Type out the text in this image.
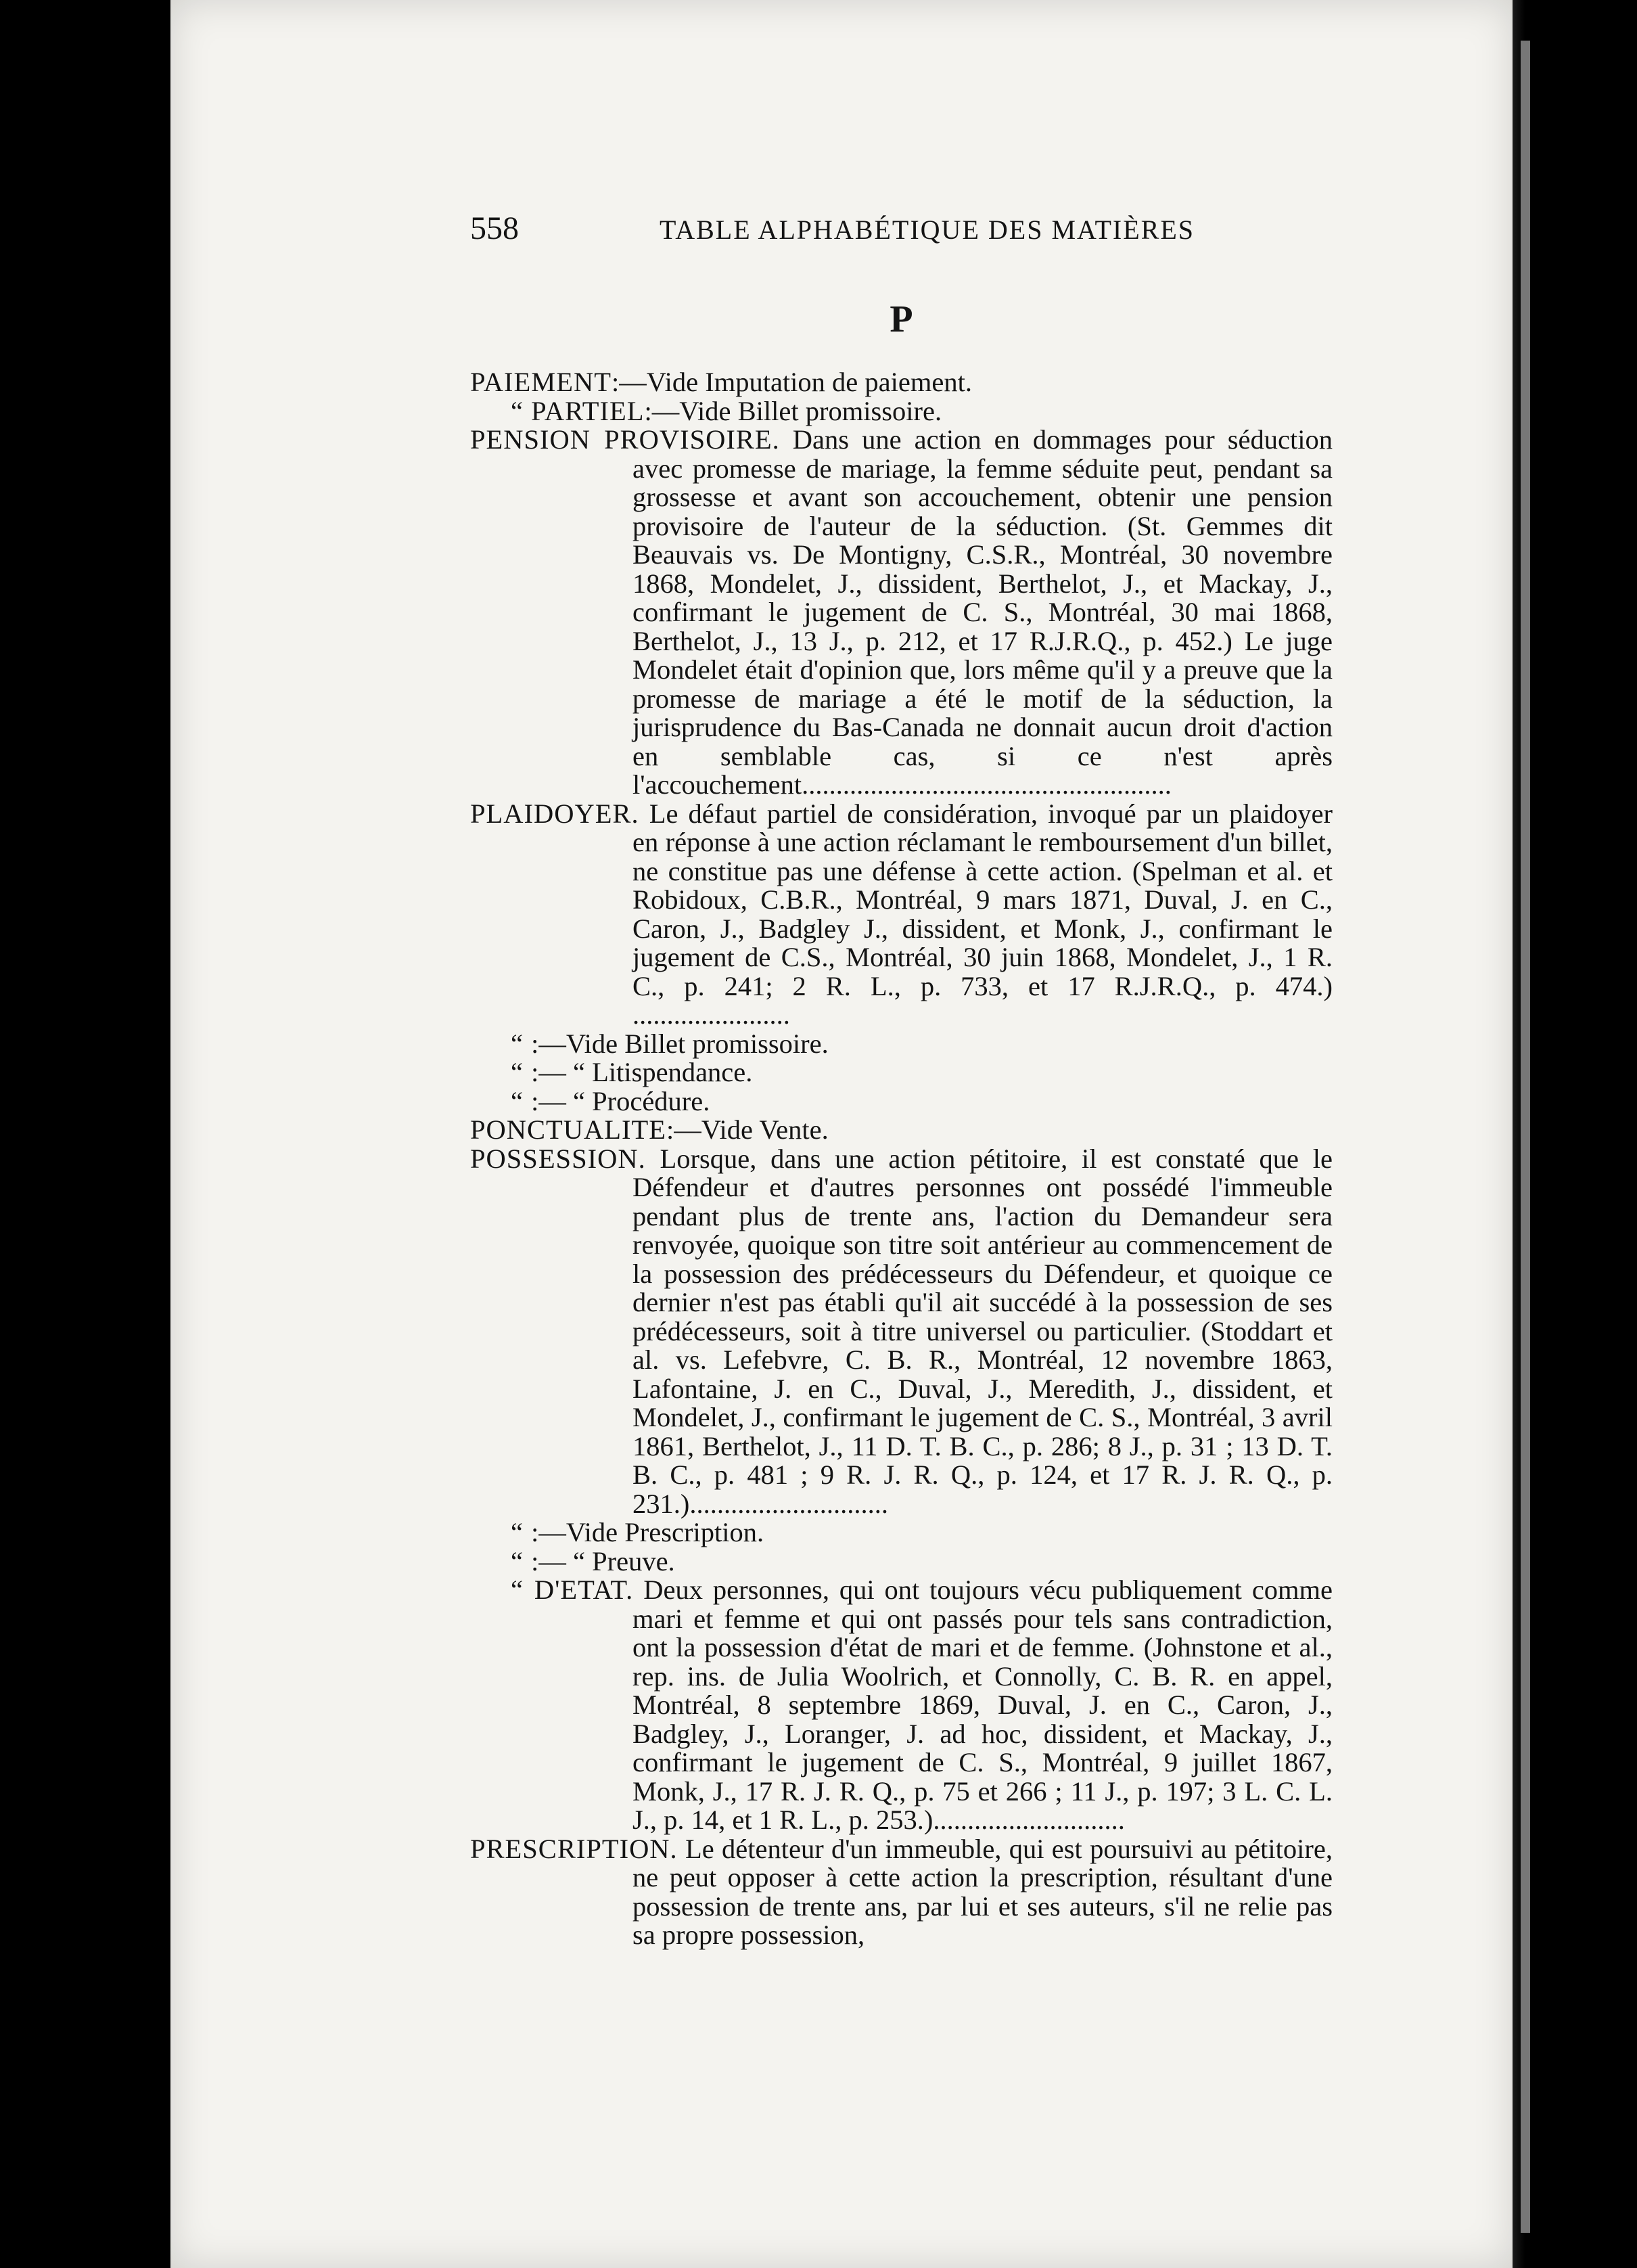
558	TABLE ALPHABÉTIQUE DES MATIÈRES
P
PAIEMENT:—Vide Imputation de paiement.
“ PARTIEL:—Vide Billet promissoire.
PENSION PROVISOIRE. Dans une action en dommages pour séduction avec promesse de mariage, la femme séduite peut, pendant sa grossesse et avant son accouchement, obtenir une pension provisoire de l'auteur de la séduction. (St. Gemmes dit Beauvais vs. De Montigny, C.S.R., Montréal, 30 novembre 1868, Mondelet, J., dissident, Berthelot, J., et Mackay, J., confirmant le jugement de C. S., Montréal, 30 mai 1868, Berthelot, J., 13 J., p. 212, et 17 R.J.R.Q., p. 452.) Le juge Mondelet était d'opinion que, lors même qu'il y a preuve que la promesse de mariage a été le motif de la séduction, la jurisprudence du Bas-Canada ne donnait aucun droit d'action en semblable cas, si ce n'est après l'accouchement......................................................
PLAIDOYER. Le défaut partiel de considération, invoqué par un plaidoyer en réponse à une action réclamant le remboursement d'un billet, ne constitue pas une défense à cette action. (Spelman et al. et Robidoux, C.B.R., Montréal, 9 mars 1871, Duval, J. en C., Caron, J., Badgley J., dissident, et Monk, J., confirmant le jugement de C.S., Montréal, 30 juin 1868, Mondelet, J., 1 R. C., p. 241; 2 R. L., p. 733, et 17 R.J.R.Q., p. 474.) .......................
“ :—Vide Billet promissoire.
“ :— “ Litispendance.
“ :— “ Procédure.
PONCTUALITE:—Vide Vente.
POSSESSION. Lorsque, dans une action pétitoire, il est constaté que le Défendeur et d'autres personnes ont possédé l'immeuble pendant plus de trente ans, l'action du Demandeur sera renvoyée, quoique son titre soit antérieur au commencement de la possession des prédécesseurs du Défendeur, et quoique ce dernier n'est pas établi qu'il ait succédé à la possession de ses prédécesseurs, soit à titre universel ou particulier. (Stoddart et al. vs. Lefebvre, C. B. R., Montréal, 12 novembre 1863, Lafontaine, J. en C., Duval, J., Meredith, J., dissident, et Mondelet, J., confirmant le jugement de C. S., Montréal, 3 avril 1861, Berthelot, J., 11 D. T. B. C., p. 286; 8 J., p. 31 ; 13 D. T. B. C., p. 481 ; 9 R. J. R. Q., p. 124, et 17 R. J. R. Q., p. 231.).............................
“ :—Vide Prescription.
“ :— “ Preuve.
“ D'ETAT. Deux personnes, qui ont toujours vécu publiquement comme mari et femme et qui ont passés pour tels sans contradiction, ont la possession d'état de mari et de femme. (Johnstone et al., rep. ins. de Julia Woolrich, et Connolly, C. B. R. en appel, Montréal, 8 septembre 1869, Duval, J. en C., Caron, J., Badgley, J., Loranger, J. ad hoc, dissident, et Mackay, J., confirmant le jugement de C. S., Montréal, 9 juillet 1867, Monk, J., 17 R. J. R. Q., p. 75 et 266 ; 11 J., p. 197; 3 L. C. L. J., p. 14, et 1 R. L., p. 253.)............................
PRESCRIPTION. Le détenteur d'un immeuble, qui est poursuivi au pétitoire, ne peut opposer à cette action la prescription, résultant d'une possession de trente ans, par lui et ses auteurs, s'il ne relie pas sa propre possession,
